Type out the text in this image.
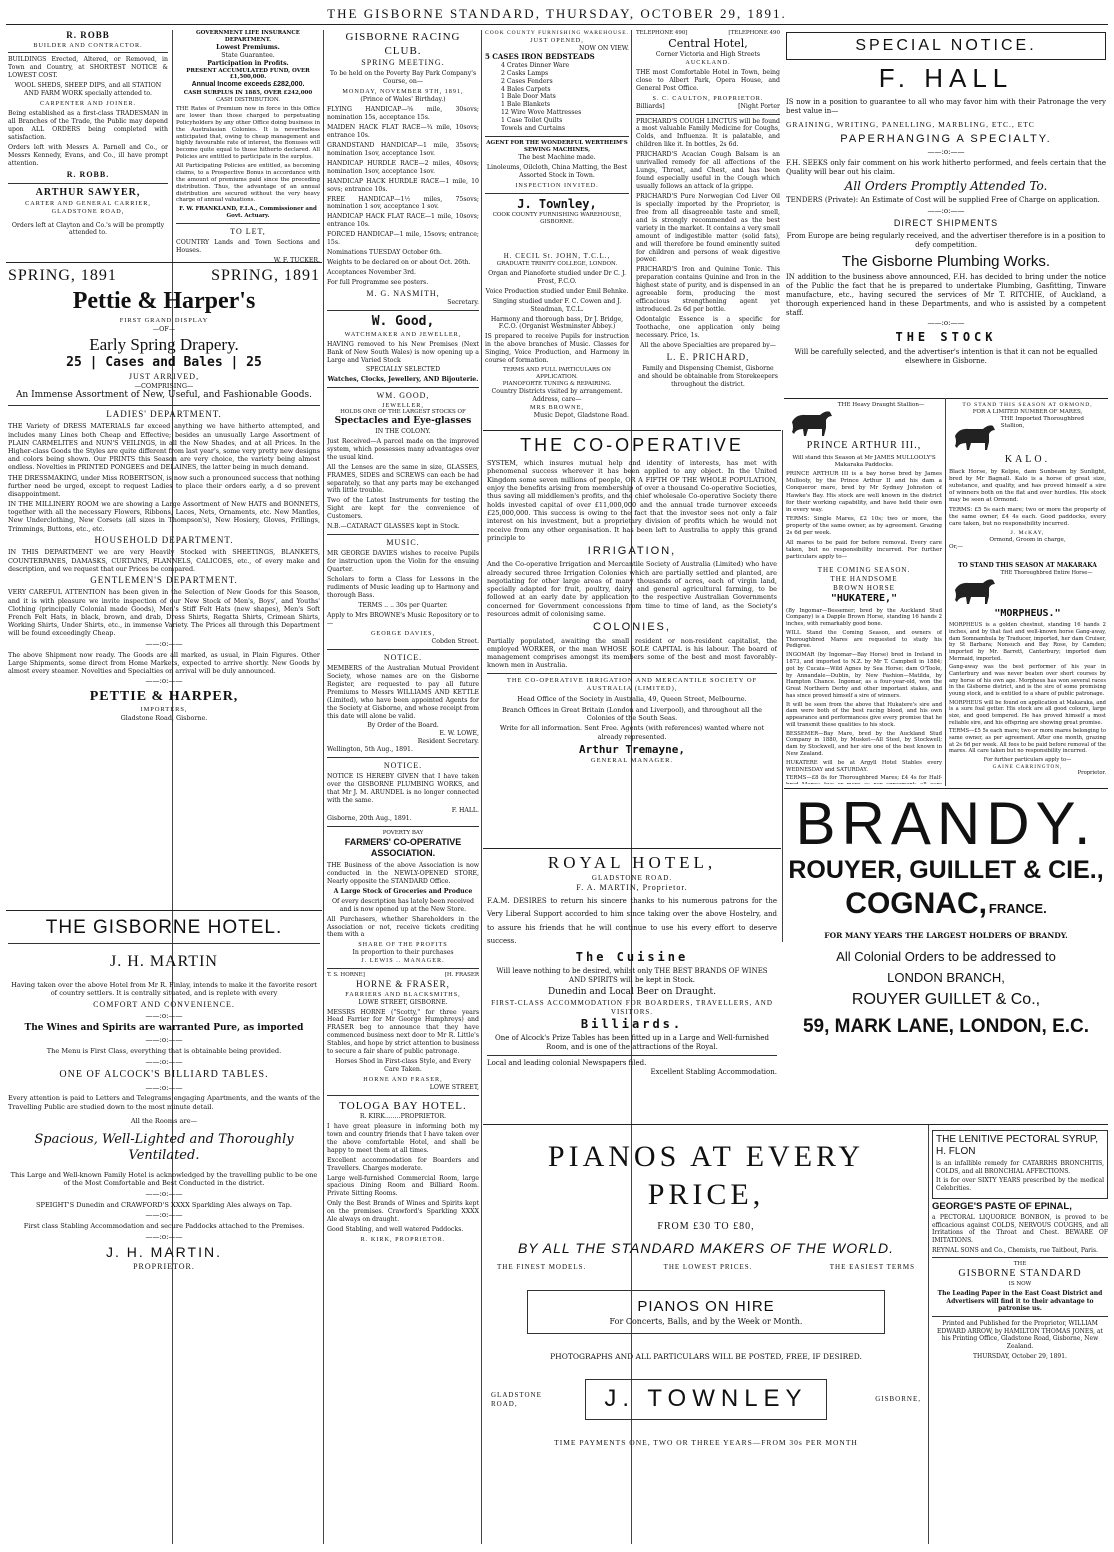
THE GISBORNE STANDARD, THURSDAY, OCTOBER 29, 1891.
R. ROBB
BUILDER AND CONTRACTOR.

BUILDINGS Erected, Altered, or Removed, in Town and Country, at SHORTEST NOTICE & LOWEST COST.

WOOL SHEDS, SHEEP DIPS, and all STATION AND FARM WORK specially attended to.

CARPENTER AND JOINER.

Being established as a first-class TRADESMAN in all Branches of the Trade, the Public may depend upon ALL ORDERS being completed with satisfaction.

Orders left with Messrs A. Parnell and Co., or Messrs Kennedy, Evans, and Co., ill have prompt attention.

R. ROBB.
ARTHUR SAWYER,
CARTER AND GENERAL CARRIER,
GLADSTONE ROAD,

Orders left at Clayton and Co.'s will be promptly attended to.

GOVERNMENT LIFE INSURANCE DEPARTMENT.
Lowest Premiums.
State Guarantee.
Participation in Profits.
PRESENT ACCUMULATED FUND, OVER £1,500,000.
Annual Income exceeds £282,000.
CASH SURPLUS IN 1885, OVER £242,000
CASH DISTRIBUTION.

THE Rates of Premium now in force in this Office are lower than those charged to perpetuating Policyholders by any other Office doing business in the Australasian Colonies. It is nevertheless anticipated that, owing to cheap management and highly favourable rate of interest, the Bonuses will become quite equal to those hitherto declared. All Policies are entitled to participate in the surplus.

All Participating Policies are entitled, as becoming claims, to a Prospective Bonus in accordance with the amount of premiums paid since the preceding distribution. Thus, the advantage of an annual distribution are secured without the very heavy charge of annual valuations.

F. W. FRANKLAND, F.I.A., Commissioner and Govt. Actuary.
TO LET,

COUNTRY Lands and Town Sections and Houses.

W. F. TUCKER.
SPRING, 1891	SPRING, 1891
Pettie & Harper's
FIRST GRAND DISPLAY
—OF—
Early Spring Drapery.
25 | Cases and Bales | 25
JUST ARRIVED,
—COMPRISING—
An Immense Assortment of New, Useful, and Fashionable Goods.
LADIES' DEPARTMENT.

THE Variety of DRESS MATERIALS far exceed anything we have hitherto attempted, and includes many Lines both Cheap and Effective; besides an unusually Large Assortment of PLAIN CARMELITES and NUN'S VEILINGS, in all the New Shades, and at all Prices. In the Higher-class Goods the Styles are quite different from last year's, some very pretty new designs and colors being shown. Our PRINTS this Season are very choice, the variety being almost endless. Novelties in PRINTED PONGEES and DELAINES, the latter being in much demand.

THE DRESSMAKING, under Miss ROBERTSON, is now such a pronounced success that nothing further need be urged, except to request Ladies to place their orders early, a d so prevent disappointment.

IN THE MILLINERY ROOM we are showing a Large Assortment of New HATS and BONNETS, together with all the necessary Flowers, Ribbons, Laces, Nets, Ornaments, etc. New Mantles, New Underclothing, New Corsets (all sizes in Thompson's), New Hosiery, Gloves, Frillings, Trimmings, Buttons, etc., etc.

HOUSEHOLD DEPARTMENT.

IN THIS DEPARTMENT we are very Heavily Stocked with SHEETINGS, BLANKETS, COUNTERPANES, DAMASKS, CURTAINS, FLANNELS, CALICOES, etc., of every make and description, and we request that our Prices be compared.

GENTLEMEN'S DEPARTMENT.

VERY CAREFUL ATTENTION has been given in the Selection of New Goods for this Season, and it is with pleasure we invite inspection of our New Stock of Men's, Boys', and Youths' Clothing (principally Colonial made Goods), Men's Stiff Felt Hats (new shapes), Men's Soft French Felt Hats, in black, brown, and drab, Dress Shirts, Regatta Shirts, Crimean Shirts, Working Shirts, Under Shirts, etc., in immense Variety. The Prices all through this Department will be found exceedingly Cheap.

——:o:——

The above Shipment now ready. The Goods are all marked, as usual, in Plain Figures. Other Large Shipments, some direct from Home Markets, expected to arrive shortly. New Goods by almost every steamer. Novelties and Specialties on arrival will be duly announced.

——:o:——
PETTIE & HARPER,
IMPORTERS,
Gladstone Road, Gisborne.
THE GISBORNE HOTEL.
J. H. MARTIN

Having taken over the above Hotel from Mr R. Finlay, intends to make it the favorite resort of country settlers. It is centrally situated, and is replete with every

COMFORT AND CONVENIENCE.
——:o:——
The Wines and Spirits are warranted Pure, as imported
——:o:——

The Menu is First Class, everything that is obtainable being provided.

——:o:——
ONE OF ALCOCK'S BILLIARD TABLES.
——:o:——

Every attention is paid to Letters and Telegrams engaging Apartments, and the wants of the Travelling Public are studied down to the most minute detail.

All the Rooms are—
Spacious, Well-Lighted and Thoroughly Ventilated.

This Large and Well-known Family Hotel is acknowledged by the travelling public to be one of the Most Comfortable and Best Conducted in the district.

——:o:——

SPEIGHT'S Dunedin and CRAWFORD'S XXXX Sparkling Ales always on Tap.

——:o:——

First class Stabling Accommodation and secure Paddocks attached to the Premises.

——:o:——
J. H. MARTIN.
PROPRIETOR.
GISBORNE RACING CLUB.
SPRING MEETING.

To be held on the Poverty Bay Park Company's Course, on—

MONDAY, NOVEMBER 9TH, 1891,
(Prince of Wales' Birthday.)

FLYING HANDICAP—⅝ mile, 30sovs; nomination 15s, acceptance 15s.

MAIDEN HACK FLAT RACE—¾ mile, 10sovs; entrance 10s.

GRANDSTAND HANDICAP—1 mile, 35sovs; nomination 1sov, acceptance 1sov.

HANDICAP HURDLE RACE—2 miles, 40sovs; nomination 1sov, acceptance 1sov.

HANDICAP HACK HURDLE RACE—1 mile, 10 sovs; entrance 10s.

FREE HANDICAP—1½ miles, 75sovs; nomination 1 sov, acceptance 1 sov.

HANDICAP HACK FLAT RACE—1 mile, 10sovs; entrance 10s.

FORCED HANDICAP—1 mile, 15sovs; entrance; 15s.

Nominations TUESDAY October 6th.

Weights to be declared on or about Oct. 26th.

Acceptances November 3rd.

For full Programme see posters.

M. G. NASMITH,
Secretary.
W. Good,
WATCHMAKER AND JEWELLER,

HAVING removed to his New Premises (Next Bank of New South Wales) is now opening up a Large and Varied Stock

SPECIALLY SELECTED

Watches, Clocks, Jewellery, AND Bijouterie.

WM. GOOD,
JEWELLER,
HOLDS ONE OF THE LARGEST STOCKS OF
Spectacles and Eye-glasses
IN THE COLONY.

Just Received—A parcel made on the improved system, which possesses many advantages over the usual kind.

All the Lenses are the same in size, GLASSES, FRAMES, SIDES and SCREWS can each be had separately, so that any parts may be exchanged with little trouble.

Two of the Latest Instruments for testing the Sight are kept for the convenience of Customers.

N.B.—CATARACT GLASSES kept in Stock.

MUSIC.

MR GEORGE DAVIES wishes to receive Pupils for instruction upon the Violin for the ensuing Quarter.

Scholars to form a Class for Lessons in the rudiments of Music leading up to Harmony and thorough Bass.

TERMS .. .. 30s per Quarter.

Apply to Mrs BROWNE's Music Repository or to—

GEORGE DAVIES,
Cobden Street.
NOTICE.

MEMBERS of the Australian Mutual Provident Society, whose names are on the Gisborne Register, are requested to pay all future Premiums to Messrs WILLIAMS AND KETTLE (Limited), who have been appointed Agents for the Society at Gisborne, and whose receipt from this date will alone be valid.

By Order of the Board.
E. W. LOWE,
Resident Secretary.
Wellington, 5th Aug., 1891.
NOTICE.

NOTICE IS HEREBY GIVEN that I have taken over the GISBORNE PLUMBING WORKS, and that Mr J. M. ARUNDEL is no longer connected with the same.

F. HALL.
Gisborne, 20th Aug., 1891.
POVERTY BAY
FARMERS' CO-OPERATIVE ASSOCIATION.

THE Business of the above Association is now conducted in the NEWLY-OPENED STORE, Nearly opposite the STANDARD Office.

A Large Stock of Groceries and Produce

Of every description has lately been received and is now opened up at the New Store.

All Purchasers, whether Shareholders in the Association or not, receive tickets crediting them with a

SHARE OF THE PROFITS
In proportion to their purchases
J. LEWIS .. MANAGER.
T. S. HORNE]	[H. FRASER
HORNE & FRASER,
FARRIERS AND BLACKSMITHS,
LOWE STREET, GISBORNE.

MESSRS HORNE ("Scotty," for three years Head Farrier for Mr George Humphreys) and FRASER beg to announce that they have commenced business next door to Mr R. Little's Stables, and hope by strict attention to business to secure a fair share of public patronage.

Horses Shod in First-class Style, and Every Care Taken.

HORNE AND FRASER,
LOWE STREET,
TOLOGA BAY HOTEL.
R. KIRK........PROPRIETOR.

I have great pleasure in informing both my town and country friends that I have taken over the above comfortable Hotel, and shall be happy to meet them at all times.

Excellent accommodation for Boarders and Travellers. Charges moderate.

Large well-furnished Commercial Room, large spacious Dining Room and Billiard Room. Private Sitting Rooms.

Only the Best Brands of Wines and Spirits kept on the premises. Crawford's Sparkling XXXX Ale always on draught.

Good Stabling, and well watered Paddocks.

R. KIRK, PROPRIETOR.
COOK COUNTY FURNISHING WAREHOUSE.
JUST OPENED,
NOW ON VIEW.
5 CASES IRON BEDSTEADS
4 Crates Dinner Ware
2 Casks Lamps
2 Cases Fenders
4 Bales Carpets
1 Bale Door Mats
1 Bale Blankets
12 Wire Wove Mattresses
1 Case Toilet Quilts
Towels and Curtains
AGENT FOR THE WONDERFUL WERTHEIM'S SEWING MACHINES,
The best Machine made.

Linoleums, Oilcloth, China Matting, the Best Assorted Stock in Town.

INSPECTION INVITED.
J. Townley,
COOK COUNTY FURNISHING WAREHOUSE, GISBORNE.
H. CECIL St. JOHN, T.C.L.,
GRADUATE TRINITY COLLEGE, LONDON.

Organ and Pianoforte studied under Dr C. J. Frost, F.C.O.

Voice Production studied under Emil Behnke.

Singing studied under F. C. Cowen and J. Steadman, T.C.L.

Harmony and thorough bass, Dr J. Bridge, F.C.O. (Organist Westminster Abbey.)

IS prepared to receive Pupils for instruction in the above branches of Music. Classes for Singing, Voice Production, and Harmony in course of formation.

TERMS AND FULL PARTICULARS ON APPLICATION.
PIANOFORTE TUNING & REPAIRING.
Country Districts visited by arrangement.
Address, care—
MRS BROWNE,
Music Depot, Gladstone Road.
TELEPHONE 490]	[TELEPHONE 490
Central Hotel,
Corner Victoria and High Streets
AUCKLAND.

THE most Comfortable Hotel in Town, being close to Albert Park, Opera House, and General Post Office.

S. C. CAULTON, PROPRIETOR.
Billiards]	[Night Porter

PRICHARD'S COUGH LINCTUS will be found a most valuable Family Medicine for Coughs, Colds, and Influenza. It is palatable, and children like it. In bottles, 2s 6d.

PRICHARD'S Acacian Cough Balsam is an unrivalled remedy for all affections of the Lungs, Throat, and Chest, and has been found especially useful in the Cough which usually follows an attack of la grippe.

PRICHARD'S Pure Norwegian Cod Liver Oil is specially imported by the Proprietor, is free from all disagreeable taste and smell, and is strongly recommended as the best variety in the market. It contains a very small amount of indigestible matter (solid fats), and will therefore be found eminently suited for children and persons of weak digestive power.

PRICHARD'S Iron and Quinine Tonic. This preparation contains Quinine and Iron in the highest state of purity, and is dispensed in an agreeable form, producing the most efficacious strengthening agent yet introduced. 2s 6d per bottle.

Odontalgic Essence is a specific for Toothache, one application only being necessary. Price, 1s.

All the above Specialties are prepared by—

L. E. PRICHARD,

Family and Dispensing Chemist, Gisborne and should be obtainable from Storekeepers throughout the district.

THE CO-OPERATIVE

SYSTEM, which insures mutual help and identity of interests, has met with phenomenal success wherever it has been applied to any object. In the United Kingdom some seven millions of people, OR A FIFTH OF THE WHOLE POPULATION, enjoy the benefits arising from membership of over a thousand Co-operative Societies, thus saving all middlemen's profits, and the chief wholesale Co-operative Society there holds invested capital of over £11,000,000 and the annual trade turnover exceeds £25,000,000. This success is owing to the fact that the investor sees not only a fair interest on his investment, but a proprietary division of profits which he would not receive from any other organisation. It has been left to Australia to apply this grand principle to

IRRIGATION,

And the Co-operative Irrigation and Mercantile Society of Australia (Limited) who have already secured three Irrigation Colonies which are partially settled and planted, are negotiating for other large areas of many thousands of acres, each of virgin land, specially adapted for fruit, poultry, dairy, and general agricultural farming, to be followed at an early date by application to the respective Australian Governments concerned for Government concessions from time to time of land, as the Society's resources admit of colonising same.

COLONIES,

Partially populated, awaiting the small resident or non-resident capitalist, the employed WORKER, or the man WHOSE SOLE CAPITAL is his labour. The board of management comprises amongst its members some of the best and most favorably-known men in Australia.

THE CO-OPERATIVE IRRIGATION AND MERCANTILE SOCIETY OF AUSTRALIA (LIMITED),

Head Office of the Society in Australia, 49, Queen Street, Melbourne.

Branch Offices in Great Britain (London and Liverpool), and throughout all the Colonies of the South Seas.

Write for all information. Sent Free. Agents (with references) wanted where not already represented.

Arthur Tremayne,
GENERAL MANAGER.
ROYAL HOTEL,
GLADSTONE ROAD.
F. A. MARTIN, Proprietor.

F.A.M. DESIRES to return his sincere thanks to his numerous patrons for the Very Liberal Support accorded to him since taking over the above Hostelry, and to assure his friends that he will continue to use his every effort to deserve success.

The Cuisine

Will leave nothing to be desired, whilst only THE BEST BRANDS OF WINES AND SPIRITS will be kept in Stock.

Dunedin and Local Beer on Draught.
FIRST-CLASS ACCOMMODATION FOR BOARDERS, TRAVELLERS, AND VISITORS.
Billiards.

One of Alcock's Prize Tables has been fitted up in a Large and Well-furnished Room, and is one of the attractions of the Royal.

Local and leading colonial Newspapers filed.
Excellent Stabling Accommodation.
SPECIAL NOTICE.
F. HALL

IS now in a position to guarantee to all who may favor him with their Patronage the very best value in—

GRAINING, WRITING, PANELLING, MARBLING, ETC., ETC
PAPERHANGING A SPECIALTY.
——:o:——

F.H. SEEKS only fair comment on his work hitherto performed, and feels certain that the Quality will bear out his claim.

All Orders Promptly Attended To.

TENDERS (Private): An Estimate of Cost will be supplied Free of Charge on application.

——:o:——
DIRECT SHIPMENTS

From Europe are being regularly received, and the advertiser therefore is in a position to defy competition.

The Gisborne Plumbing Works.

IN addition to the business above announced, F.H. has decided to bring under the notice of the Public the fact that he is prepared to undertake Plumbing, Gasfitting, Tinware manufacture, etc., having secured the services of Mr T. RITCHIE, of Auckland, a thorough experienced hand in these Departments, and who is assisted by a competent staff.

——:o:——
THE STOCK

Will be carefully selected, and the advertiser's intention is that it can not be equalled elsewhere in Gisborne.

THE Heavy Draught Stallion—
PRINCE ARTHUR III.,

Will stand this Season at Mr JAMES MULLOOLY'S Makaraka Paddocks.

PRINCE ARTHUR III is a bay horse bred by James Mullooly, by the Prince Arthur II and his dam a Conqueror mare, bred by Mr Sydney Johnston of Hawke's Bay. His stock are well known in the district for their working capability, and have held their own in every way.

TERMS: Single Mares, £2 10s; two or more, the property of the same owner, as by agreement. Grazing 2s 6d per week.

All mares to be paid for before removal. Every care taken, but no responsibility incurred. For further particulars apply to—

THE COMING SEASON.
THE HANDSOME
BROWN HORSE
"HUKATERE,"

(By Ingomar—Bessemer; bred by the Auckland Stud Company) is a Dapple Brown Horse, standing 16 hands 2 inches, with remarkably good bone.

WILL Stand the Coming Season, and owners of Thoroughbred Mares are requested to study his Pedigree.

INGOMAR (by Ingomar—Bay Horse) bred in Ireland in 1873, and imported to N.Z. by Mr T. Campbell in 1884; got by Cucaia—Wild Agnes by Sea Horse; dam O'Toole, by Annandale—Dublin, by New Fashion—Matilda, by Hampton Chance. Ingomar, as a four-year-old, won the Great Northern Derby and other important stakes, and has since proved himself a sire of winners.

It will be seen from the above that Hukatere's sire and dam were both of the best racing blood, and his own appearance and performances give every promise that he will transmit these qualities to his stock.

BESSEMER—Bay Mare, bred by the Auckland Stud Company in 1880, by Musket—All Steel, by Stockwell; dam by Stockwell, and her sire one of the best known in New Zealand.

HUKATERE will be at Argyll Hotel Stables every WEDNESDAY and SATURDAY.

TERMS—£8 8s for Thoroughbred Mares; £4 4s for Half-

TO STAND THIS SEASON AT ORMOND,
FOR A LIMITED NUMBER OF MARES,
THE Imported Thoroughbred Stallion,
KALO.

Black Horse, by Kelpie, dam Sunbeam by Sunlight, bred by Mr Bagnall. Kalo is a horse of great size, substance, and quality, and has proved himself a sire of winners both on the flat and over hurdles. His stock may be seen at Ormond.

TERMS: £5 5s each mare; two or more the property of the same owner, £4 4s each. Good paddocks, every care taken, but no responsibility incurred.

J. McKAY,
Ormond, Groom in charge,
Or,—
TO STAND THIS SEASON AT MAKARAKA
THE Thoroughbred Entire Horse—
"MORPHEUS."

MORPHEUS is a golden chestnut, standing 16 hands 2 inches, and by that fast and well-known horse Gang-away, dam Somnambula by Traducer, imported, her dam Cruiser, by St Barbara; Nonsuch and Bay Rose, by Camden; imported by Mr. Barrett, Canterbury; imported dam Mermaid, imported.

Gang-away was the best performer of his year in Canterbury and was never beaten over short courses by any horse of his own age. Morpheus has won several races in the Gisborne district, and is the sire of some promising young stock, and is entitled to a share of public patronage.

MORPHEUS will be found on application at Makaraka, and is a sure foal getter. His stock are all good colours, large size, and good tempered. He has proved himself a most reliable sire, and his offspring are showing great promise.

TERMS—£5 5s each mare; two or more mares belonging to same owner, as per agreement. After one month, grazing at 2s 6d per week. All fees to be paid before removal of the mares. All care taken but no responsibility incurred.

For further particulars apply to—
GAINE CARRINGTON,
Proprietor.
BRANDY.
ROUYER, GUILLET & CIE.,
COGNAC, FRANCE.
FOR MANY YEARS THE LARGEST HOLDERS OF BRANDY.
All Colonial Orders to be addressed to
LONDON BRANCH,
ROUYER GUILLET & Co.,
59, MARK LANE, LONDON, E.C.
PIANOS AT EVERY PRICE,
FROM £30 TO £80,
BY ALL THE STANDARD MAKERS OF THE WORLD.
THE FINEST MODELS.	THE LOWEST PRICES.	THE EASIEST TERMS
PIANOS ON HIRE
For Concerts, Balls, and by the Week or Month.
PHOTOGRAPHS AND ALL PARTICULARS WILL BE POSTED, FREE, IF DESIRED.
GLADSTONE ROAD,	J. TOWNLEY	GISBORNE,
TIME PAYMENTS ONE, TWO OR THREE YEARS—FROM 30s PER MONTH
THE LENITIVE PECTORAL SYRUP, H. FLON

is an infallible remedy for CATARRHS BRONCHITIS, COLDS, and all BRONCHIAL AFFECTIONS.

It is for over SIXTY YEARS prescribed by the medical Celebrities.

GEORGE'S PASTE OF EPINAL,

a PECTORAL LIQUORICE BONBON, is proved to be efficacious against COLDS, NERVOUS COUGHS, and all Irritations of the Throat and Chest. BEWARE OF IMITATIONS.

REYNAL SONS and Co., Chemists, rue Taitbout, Paris.

THE
GISBORNE STANDARD
IS NOW

The Leading Paper in the East Coast District and Advertisers will find it to their advantage to patronise us.

Printed and Published for the Proprietor, WILLIAM EDWARD ARROW, by HAMILTON THOMAS JONES, at his Printing Office, Gladstone Road, Gisborne, New Zealand.

THURSDAY, October 29, 1891.
